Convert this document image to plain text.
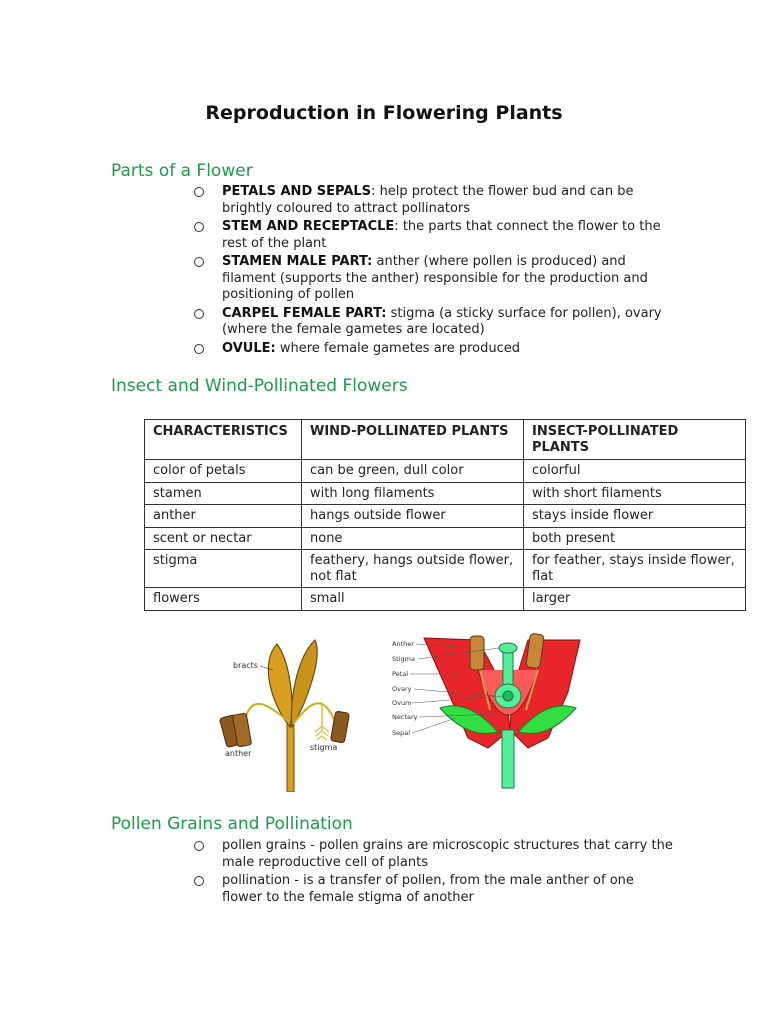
Reproduction in Flowering Plants
Parts of a Flower
PETALS AND SEPALS: help protect the flower bud and can be brightly coloured to attract pollinators
STEM AND RECEPTACLE: the parts that connect the flower to the rest of the plant
STAMEN MALE PART: anther (where pollen is produced) and filament (supports the anther) responsible for the production and positioning of pollen
CARPEL FEMALE PART: stigma (a sticky surface for pollen), ovary (where the female gametes are located)
OVULE: where female gametes are produced
Insect and Wind-Pollinated Flowers
CHARACTERISTICS	WIND-POLLINATED PLANTS	INSECT-POLLINATED PLANTS
color of petals	can be green, dull color	colorful
stamen	with long filaments	with short filaments
anther	hangs outside flower	stays inside flower
scent or nectar	none	both present
stigma	feathery, hangs outside flower, not flat	for feather, stays inside flower, flat
flowers	small	larger
bracts
anther
stigma
Anther
Stigma
Petal
Ovary
Ovum
Nectary
Sepal
Pollen Grains and Pollination
pollen grains - pollen grains are microscopic structures that carry the male reproductive cell of plants
pollination - is a transfer of pollen, from the male anther of one flower to the female stigma of another
